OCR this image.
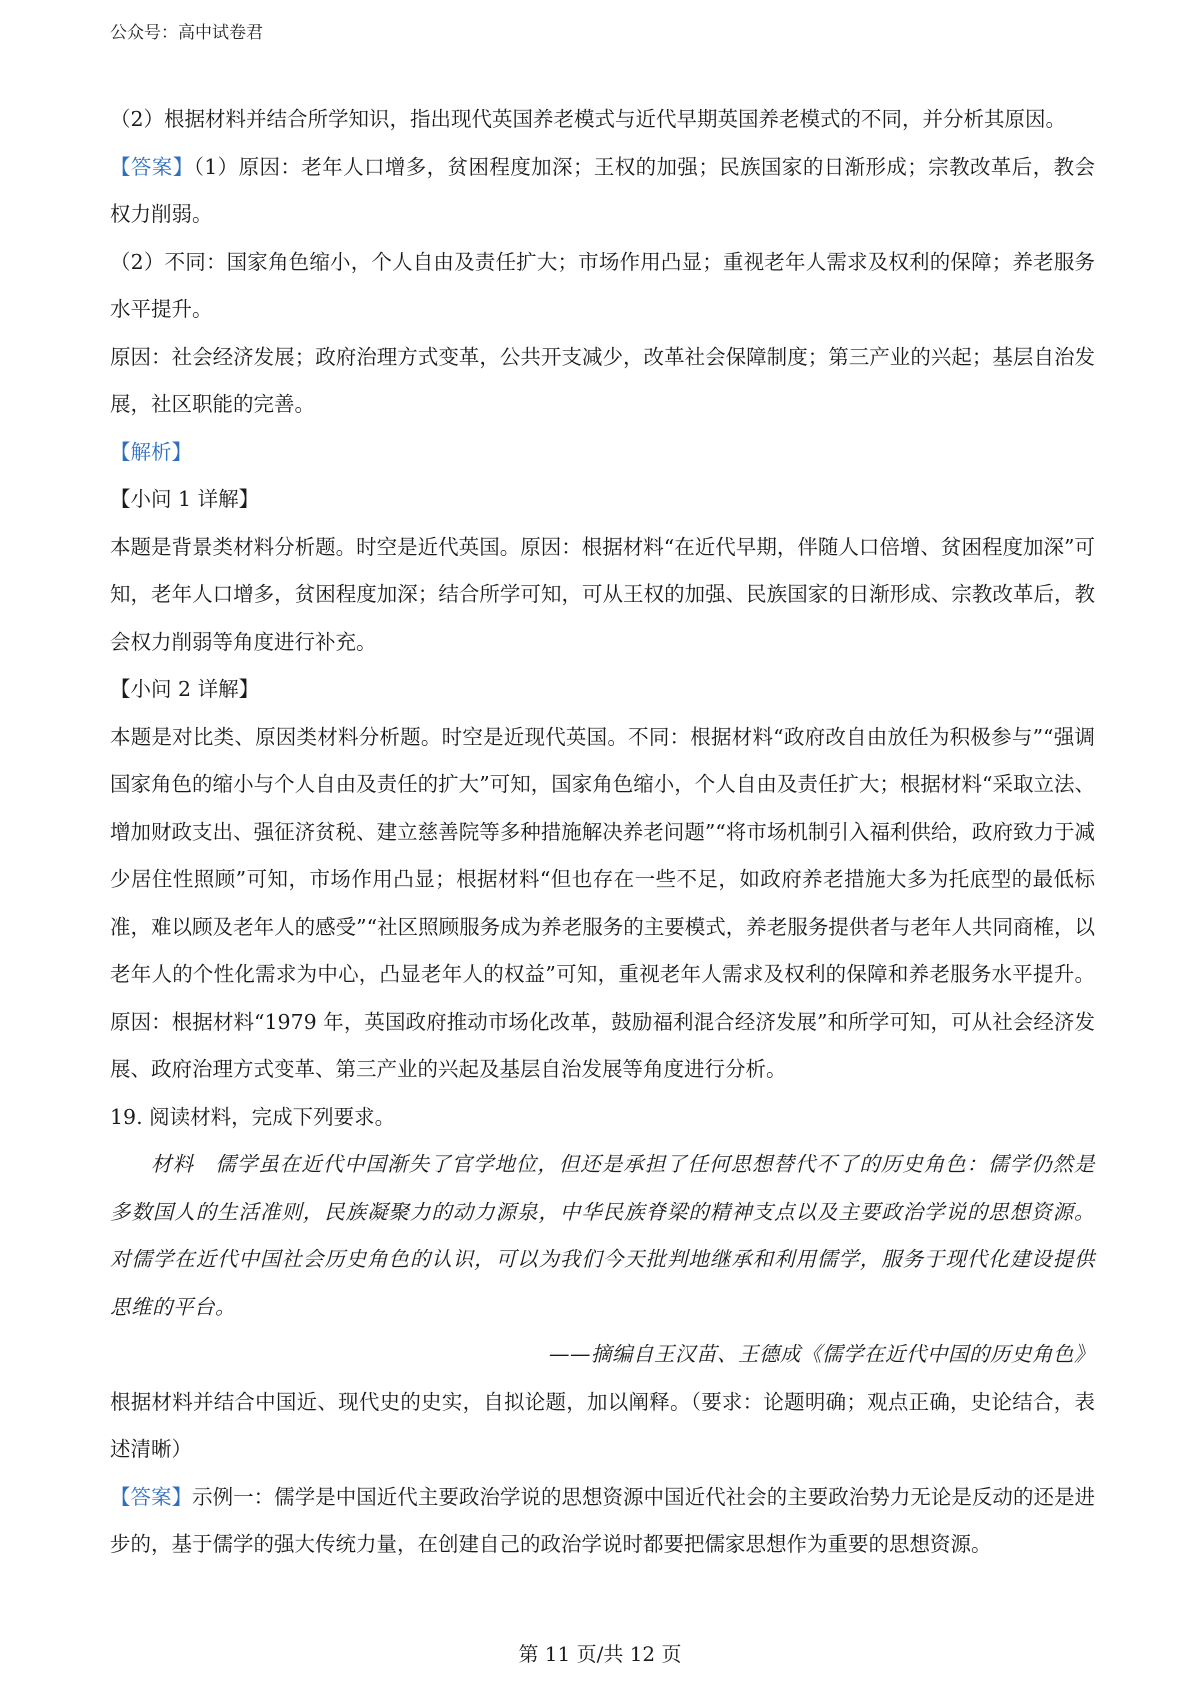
公众号：高中试卷君

（2）根据材料并结合所学知识，指出现代英国养老模式与近代早期英国养老模式的不同，并分析其原因。

【答案】（1）原因：老年人口增多，贫困程度加深；王权的加强；民族国家的日渐形成；宗教改革后，教会权力削弱。

（2）不同：国家角色缩小，个人自由及责任扩大；市场作用凸显；重视老年人需求及权利的保障；养老服务水平提升。

原因：社会经济发展；政府治理方式变革，公共开支减少，改革社会保障制度；第三产业的兴起；基层自治发展，社区职能的完善。

【解析】

【小问 1 详解】

本题是背景类材料分析题。时空是近代英国。原因：根据材料“在近代早期，伴随人口倍增、贫困程度加深”可知，老年人口增多，贫困程度加深；结合所学可知，可从王权的加强、民族国家的日渐形成、宗教改革后，教会权力削弱等角度进行补充。

【小问 2 详解】

本题是对比类、原因类材料分析题。时空是近现代英国。不同：根据材料“政府改自由放任为积极参与”“强调国家角色的缩小与个人自由及责任的扩大”可知，国家角色缩小，个人自由及责任扩大；根据材料“采取立法、增加财政支出、强征济贫税、建立慈善院等多种措施解决养老问题”“将市场机制引入福利供给，政府致力于减少居住性照顾”可知，市场作用凸显；根据材料“但也存在一些不足，如政府养老措施大多为托底型的最低标准，难以顾及老年人的感受”“社区照顾服务成为养老服务的主要模式，养老服务提供者与老年人共同商榷，以老年人的个性化需求为中心，凸显老年人的权益”可知，重视老年人需求及权利的保障和养老服务水平提升。 原因：根据材料“1979 年，英国政府推动市场化改革，鼓励福利混合经济发展”和所学可知，可从社会经济发展、政府治理方式变革、第三产业的兴起及基层自治发展等角度进行分析。

19. 阅读材料，完成下列要求。

材料　儒学虽在近代中国渐失了官学地位，但还是承担了任何思想替代不了的历史角色：儒学仍然是多数国人的生活准则，民族凝聚力的动力源泉，中华民族脊梁的精神支点以及主要政治学说的思想资源。对儒学在近代中国社会历史角色的认识，可以为我们今天批判地继承和利用儒学，服务于现代化建设提供思维的平台。

——摘编自王汉苗、王德成《儒学在近代中国的历史角色》

根据材料并结合中国近、现代史的史实，自拟论题，加以阐释。（要求：论题明确；观点正确，史论结合，表述清晰）

【答案】示例一：儒学是中国近代主要政治学说的思想资源中国近代社会的主要政治势力无论是反动的还是进步的，基于儒学的强大传统力量，在创建自己的政治学说时都要把儒家思想作为重要的思想资源。

第 11 页/共 12 页
